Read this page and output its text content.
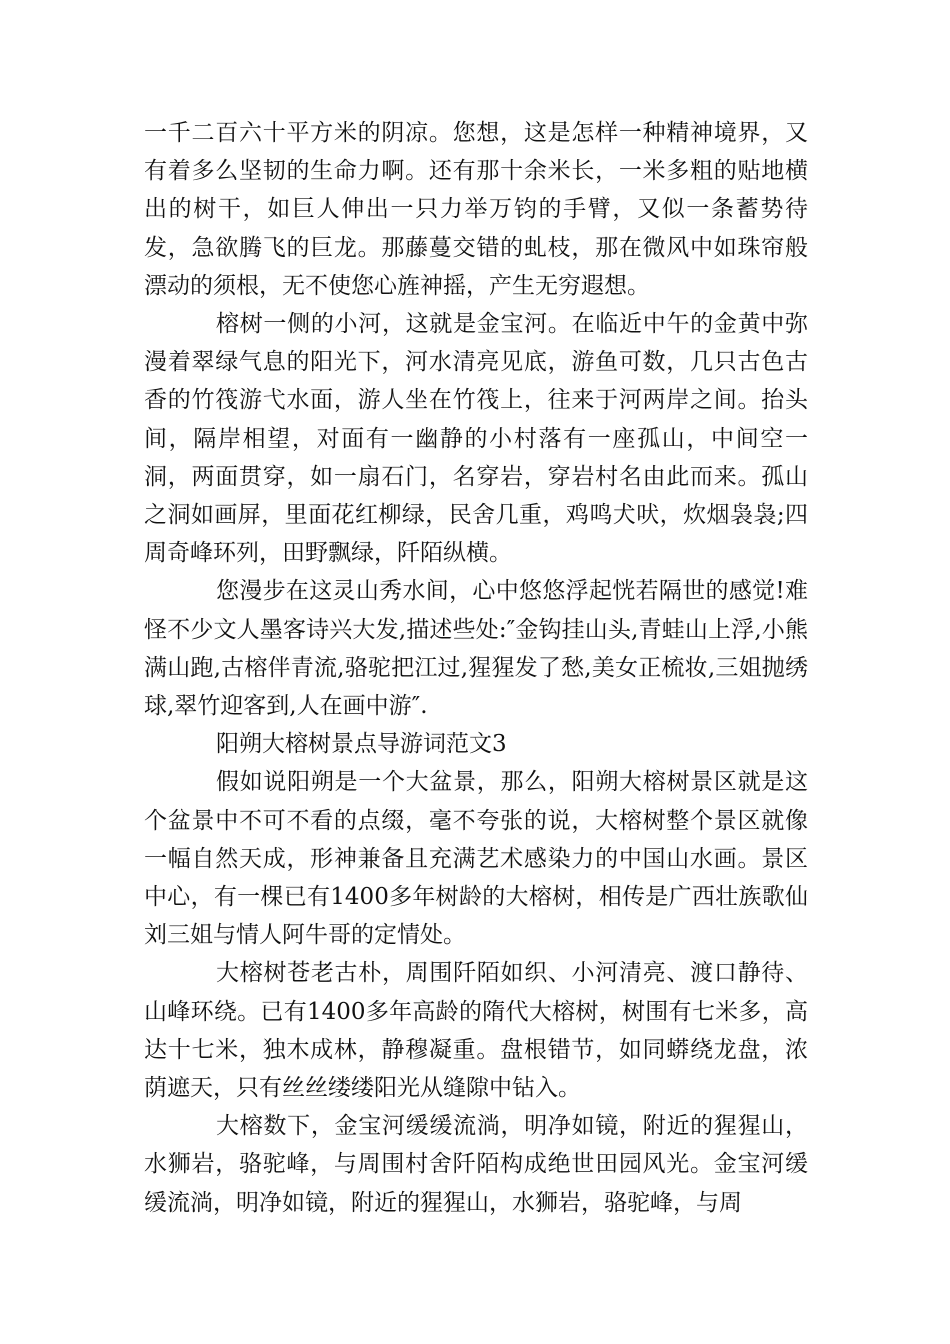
一千二百六十平方米的阴凉。您想，这是怎样一种精神境界，又有着多么坚韧的生命力啊。还有那十余米长，一米多粗的贴地横出的树干，如巨人伸出一只力举万钧的手臂，又似一条蓄势待发，急欲腾飞的巨龙。那藤蔓交错的虬枝，那在微风中如珠帘般漂动的须根，无不使您心旌神摇，产生无穷遐想。

榕树一侧的小河，这就是金宝河。在临近中午的金黄中弥漫着翠绿气息的阳光下，河水清亮见底，游鱼可数，几只古色古香的竹筏游弋水面，游人坐在竹筏上，往来于河两岸之间。抬头间，隔岸相望，对面有一幽静的小村落有一座孤山，中间空一洞，两面贯穿，如一扇石门，名穿岩，穿岩村名由此而来。孤山之洞如画屏，里面花红柳绿，民舍几重，鸡鸣犬吠，炊烟袅袅;四周奇峰环列，田野飘绿，阡陌纵横。

您漫步在这灵山秀水间，心中悠悠浮起恍若隔世的感觉!难怪不少文人墨客诗兴大发,描述些处:″金钩挂山头,青蛙山上浮,小熊满山跑,古榕伴青流,骆驼把江过,猩猩发了愁,美女正梳妆,三姐抛绣球,翠竹迎客到,人在画中游″.

阳朔大榕树景点导游词范文3

假如说阳朔是一个大盆景，那么，阳朔大榕树景区就是这个盆景中不可不看的点缀，毫不夸张的说，大榕树整个景区就像一幅自然天成，形神兼备且充满艺术感染力的中国山水画。景区中心，有一棵已有1400多年树龄的大榕树，相传是广西壮族歌仙刘三姐与情人阿牛哥的定情处。

大榕树苍老古朴，周围阡陌如织、小河清亮、渡口静待、山峰环绕。已有1400多年高龄的隋代大榕树，树围有七米多，高达十七米，独木成林，静穆凝重。盘根错节，如同蟒绕龙盘，浓荫遮天，只有丝丝缕缕阳光从缝隙中钻入。

大榕数下，金宝河缓缓流淌，明净如镜，附近的猩猩山，水狮岩，骆驼峰，与周围村舍阡陌构成绝世田园风光。金宝河缓缓流淌，明净如镜，附近的猩猩山，水狮岩，骆驼峰，与周
